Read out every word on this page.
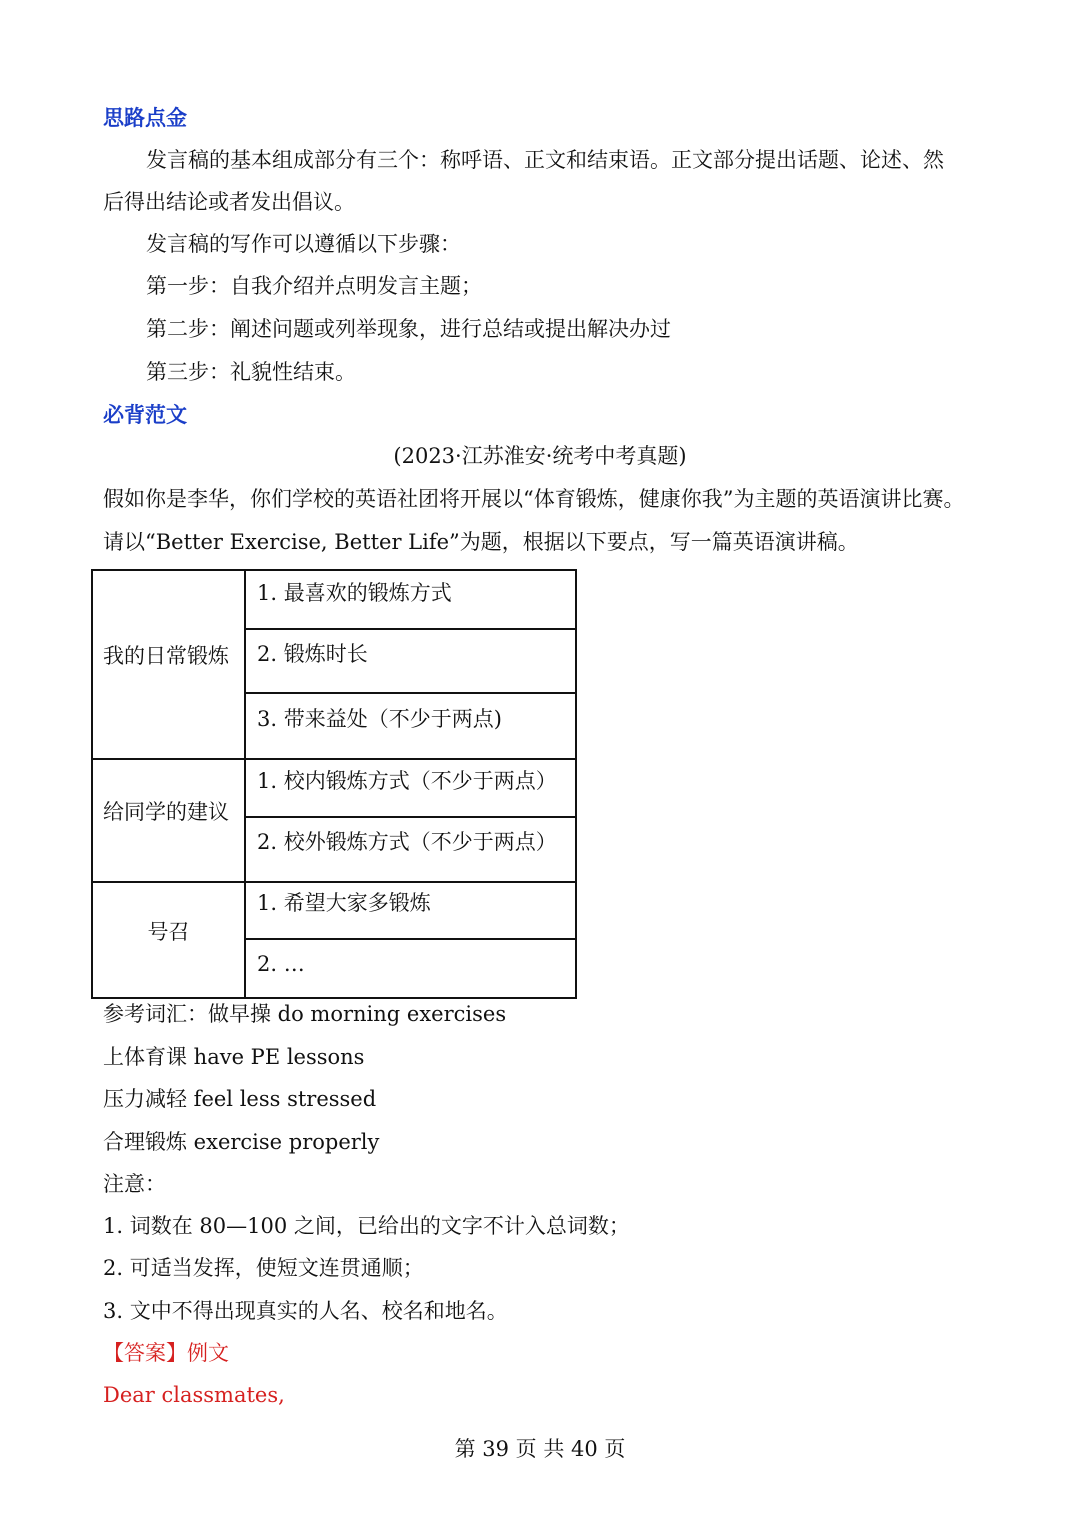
思路点金
发言稿的基本组成部分有三个：称呼语、正文和结束语。正文部分提出话题、论述、然
后得出结论或者发出倡议。
发言稿的写作可以遵循以下步骤：
第一步：自我介绍并点明发言主题；
第二步：阐述问题或列举现象，进行总结或提出解决办过
第三步：礼貌性结束。
必背范文
(2023·江苏淮安·统考中考真题)
假如你是李华，你们学校的英语社团将开展以“体育锻炼，健康你我”为主题的英语演讲比赛。
请以“Better Exercise, Better Life”为题，根据以下要点，写一篇英语演讲稿。
我的日常锻炼
给同学的建议
号召
1. 最喜欢的锻炼方式
2. 锻炼时长
3. 带来益处（不少于两点)
1. 校内锻炼方式（不少于两点）
2. 校外锻炼方式（不少于两点）
1. 希望大家多锻炼
2. …
参考词汇：做早操 do morning exercises
上体育课 have PE lessons
压力减轻 feel less stressed
合理锻炼 exercise properly
注意：
1. 词数在 80—100 之间，已给出的文字不计入总词数；
2. 可适当发挥，使短文连贯通顺；
3. 文中不得出现真实的人名、校名和地名。
【答案】例文
Dear classmates,
第 39 页 共 40 页
